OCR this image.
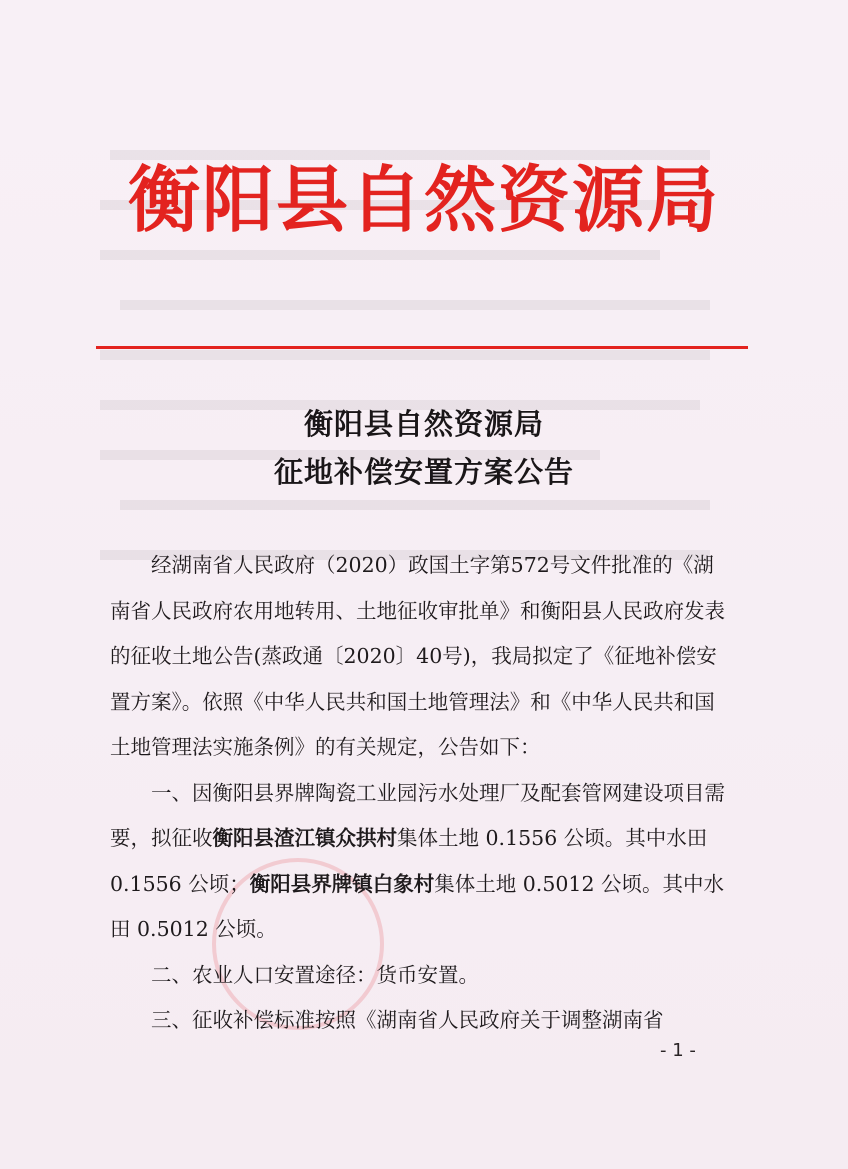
衡阳县自然资源局
衡阳县自然资源局
征地补偿安置方案公告

经湖南省人民政府（2020）政国土字第572号文件批准的《湖南省人民政府农用地转用、土地征收审批单》和衡阳县人民政府发表的征收土地公告(蒸政通〔2020〕40号)，我局拟定了《征地补偿安置方案》。依照《中华人民共和国土地管理法》和《中华人民共和国土地管理法实施条例》的有关规定，公告如下：

一、因衡阳县界牌陶瓷工业园污水处理厂及配套管网建设项目需要，拟征收衡阳县渣江镇众拱村集体土地 0.1556 公顷。其中水田 0.1556 公顷；衡阳县界牌镇白象村集体土地 0.5012 公顷。其中水田 0.5012 公顷。

二、农业人口安置途径：货币安置。

三、征收补偿标准按照《湖南省人民政府关于调整湖南省

- 1 -
